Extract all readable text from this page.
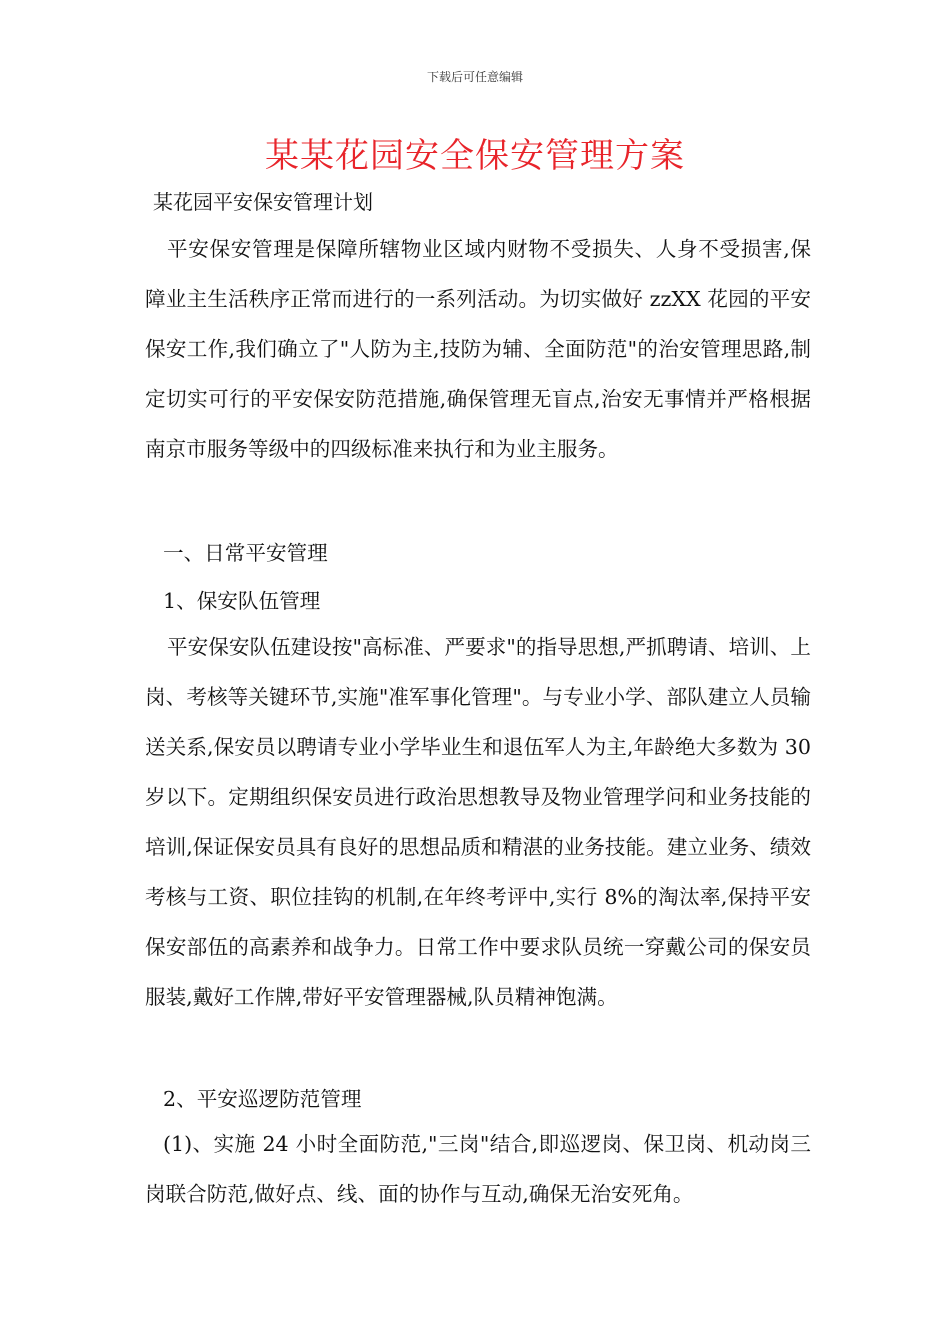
下载后可任意编辑
某某花园安全保安管理方案
某花园平安保安管理计划

平安保安管理是保障所辖物业区域内财物不受损失、人身不受损害,保障业主生活秩序正常而进行的一系列活动。为切实做好 zzXX 花园的平安保安工作,我们确立了"人防为主,技防为辅、全面防范"的治安管理思路,制定切实可行的平安保安防范措施,确保管理无盲点,治安无事情并严格根据南京市服务等级中的四级标准来执行和为业主服务。

一、日常平安管理
1、保安队伍管理

平安保安队伍建设按"高标准、严要求"的指导思想,严抓聘请、培训、上岗、考核等关键环节,实施"准军事化管理"。与专业小学、部队建立人员输送关系,保安员以聘请专业小学毕业生和退伍军人为主,年龄绝大多数为 30 岁以下。定期组织保安员进行政治思想教导及物业管理学问和业务技能的培训,保证保安员具有良好的思想品质和精湛的业务技能。建立业务、绩效考核与工资、职位挂钩的机制,在年终考评中,实行 8%的淘汰率,保持平安保安部伍的高素养和战争力。日常工作中要求队员统一穿戴公司的保安员服装,戴好工作牌,带好平安管理器械,队员精神饱满。

2、平安巡逻防范管理

(1)、实施 24 小时全面防范,"三岗"结合,即巡逻岗、保卫岗、机动岗三岗联合防范,做好点、线、面的协作与互动,确保无治安死角。
